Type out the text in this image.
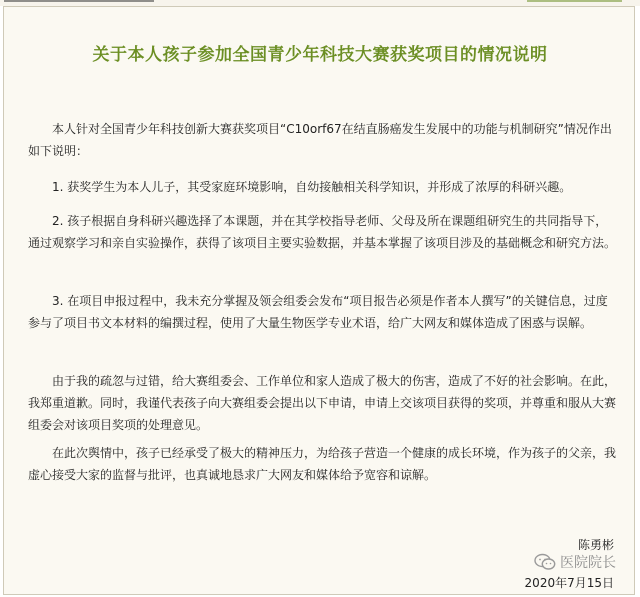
关于本人孩子参加全国青少年科技大赛获奖项目的情况说明

本人针对全国青少年科技创新大赛获奖项目“C10orf67在结直肠癌发生发展中的功能与机制研究”情况作出如下说明：

1. 获奖学生为本人儿子，其受家庭环境影响，自幼接触相关科学知识，并形成了浓厚的科研兴趣。

2. 孩子根据自身科研兴趣选择了本课题，并在其学校指导老师、父母及所在课题组研究生的共同指导下，通过观察学习和亲自实验操作，获得了该项目主要实验数据，并基本掌握了该项目涉及的基础概念和研究方法。

3. 在项目申报过程中，我未充分掌握及领会组委会发布“项目报告必须是作者本人撰写”的关键信息，过度参与了项目书文本材料的编撰过程，使用了大量生物医学专业术语，给广大网友和媒体造成了困惑与误解。

由于我的疏忽与过错，给大赛组委会、工作单位和家人造成了极大的伤害，造成了不好的社会影响。在此，我郑重道歉。同时，我谨代表孩子向大赛组委会提出以下申请，申请上交该项目获得的奖项，并尊重和服从大赛组委会对该项目奖项的处理意见。

在此次舆情中，孩子已经承受了极大的精神压力，为给孩子营造一个健康的成长环境，作为孩子的父亲，我虚心接受大家的监督与批评，也真诚地恳求广大网友和媒体给予宽容和谅解。

陈勇彬
医院院长
2020年7月15日
